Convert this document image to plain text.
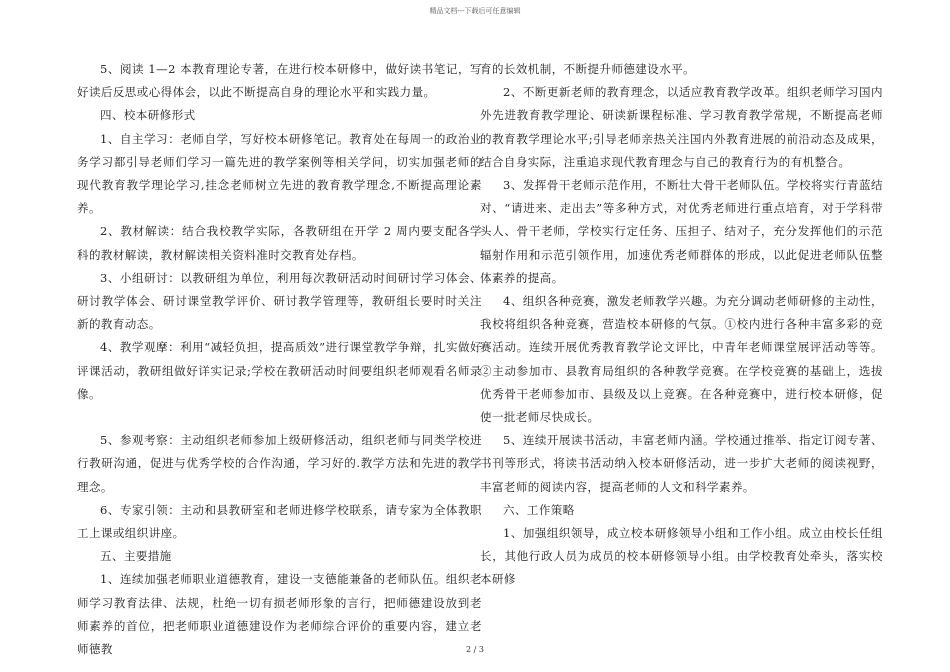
精品文档---下载后可任意编辑

5、阅读 1—2 本教育理论专著，在进行校本研修中，做好读书笔记，写好读后反思或心得体会，以此不断提高自身的理论水平和实践力量。

四、校本研修形式

1、自主学习：老师自学，写好校本研修笔记。教育处在每周一的政治业务学习都引导老师们学习一篇先进的教学案例等相关学问，切实加强老师的现代教育教学理论学习,挂念老师树立先进的教育教学理念,不断提高理论素养。

2、教材解读：结合我校教学实际，各教研组在开学 2 周内要支配各学科的教材解读，教材解读相关资料准时交教育处存档。

3、小组研讨：以教研组为单位，利用每次教研活动时间研讨学习体会、研讨教学体会、研讨课堂教学评价、研讨教学管理等，教研组长要时时关注新的教育动态。

4、教学观摩：利用“减轻负担，提高质效”进行课堂教学争辩，扎实做好评课活动，教研组做好详实记录;学校在教研活动时间要组织老师观看名师录像。

5、参观考察：主动组织老师参加上级研修活动，组织老师与同类学校进行教研沟通，促进与优秀学校的合作沟通，学习好的.教学方法和先进的教学理念。

6、专家引领：主动和县教研室和老师进修学校联系，请专家为全体教职工上课或组织讲座。

五、主要措施

1、连续加强老师职业道德教育，建设一支德能兼备的老师队伍。组织老师学习教育法律、法规，杜绝一切有损老师形象的言行，把师德建设放到老师素养的首位，把老师职业道德建设作为老师综合评价的重要内容，建立老师德教

育的长效机制，不断提升师德建设水平。

2、不断更新老师的教育理念，以适应教育教学改革。组织老师学习国内外先进教育教学理论、研读新课程标准、学习教育教学常规，不断提高老师的教育教学理论水平;引导老师亲热关注国内外教育进展的前沿动态及成果，结合自身实际，注重追求现代教育理念与自己的教育行为的有机整合。

3、发挥骨干老师示范作用，不断壮大骨干老师队伍。学校将实行青蓝结对、“请进来、走出去”等多种方式，对优秀老师进行重点培育，对于学科带头人、骨干老师，学校实行定任务、压担子、结对子，充分发挥他们的示范辐射作用和示范引领作用，加速优秀老师群体的形成，以此促进老师队伍整体素养的提高。

4、组织各种竞赛，激发老师教学兴趣。为充分调动老师研修的主动性，我校将组织各种竞赛，营造校本研修的气氛。①校内进行各种丰富多彩的竞赛活动。连续开展优秀教育教学论文评比，中青年老师课堂展评活动等等。②主动参加市、县教育局组织的各种教学竞赛。在学校竞赛的基础上，选拔优秀骨干老师参加市、县级及以上竞赛。在各种竞赛中，进行校本研修，促使一批老师尽快成长。

5、连续开展读书活动，丰富老师内涵。学校通过推举、指定订阅专著、书刊等形式，将读书活动纳入校本研修活动，进一步扩大老师的阅读视野，丰富老师的阅读内容，提高老师的人文和科学素养。

六、工作策略

1、加强组织领导，成立校本研修领导小组和工作小组。成立由校长任组长，其他行政人员为成员的校本研修领导小组。由学校教育处牵头，落实校本研修

2 / 3
